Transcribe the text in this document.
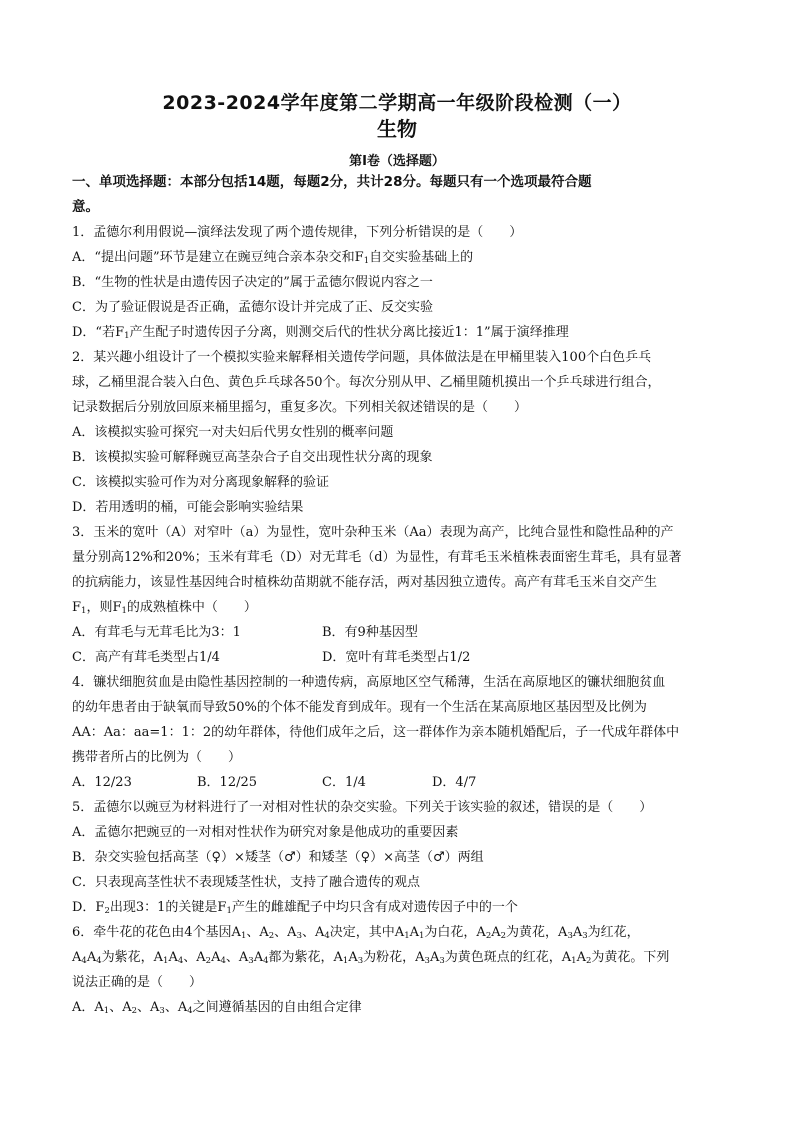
2023-2024学年度第二学期高一年级阶段检测（一）
生物
第I卷（选择题）

一、单项选择题：本部分包括14题，每题2分，共计28分。每题只有一个选项最符合题

意。

1．孟德尔利用假说—演绎法发现了两个遗传规律，下列分析错误的是（　　）

A．“提出问题”环节是建立在豌豆纯合亲本杂交和$F_1$自交实验基础上的

B．“生物的性状是由遗传因子决定的”属于孟德尔假说内容之一

C．为了验证假说是否正确，孟德尔设计并完成了正、反交实验

D．“若$F_1$产生配子时遗传因子分离，则测交后代的性状分离比接近1：1”属于演绎推理

2．某兴趣小组设计了一个模拟实验来解释相关遗传学问题，具体做法是在甲桶里装入100个白色乒乓

球，乙桶里混合装入白色、黄色乒乓球各50个。每次分别从甲、乙桶里随机摸出一个乒乓球进行组合，

记录数据后分别放回原来桶里摇匀，重复多次。下列相关叙述错误的是（　　）

A．该模拟实验可探究一对夫妇后代男女性别的概率问题

B．该模拟实验可解释豌豆高茎杂合子自交出现性状分离的现象

C．该模拟实验可作为对分离现象解释的验证

D．若用透明的桶，可能会影响实验结果

3．玉米的宽叶（A）对窄叶（a）为显性，宽叶杂种玉米（Aa）表现为高产，比纯合显性和隐性品种的产

量分别高12%和20%；玉米有茸毛（D）对无茸毛（d）为显性，有茸毛玉米植株表面密生茸毛，具有显著

的抗病能力，该显性基因纯合时植株幼苗期就不能存活，两对基因独立遗传。高产有茸毛玉米自交产生

$F_1$，则$F_1$的成熟植株中（　　）

A．有茸毛与无茸毛比为3：1	B．有9种基因型
C．高产有茸毛类型占1/4	D．宽叶有茸毛类型占1/2

4．镰状细胞贫血是由隐性基因控制的一种遗传病，高原地区空气稀薄，生活在高原地区的镰状细胞贫血

的幼年患者由于缺氧而导致50%的个体不能发育到成年。现有一个生活在某高原地区基因型及比例为

AA：Aa：aa=1：1：2的幼年群体，待他们成年之后，这一群体作为亲本随机婚配后，子一代成年群体中

携带者所占的比例为（　　）

A．12/23	B．12/25	C．1/4	D．4/7

5．孟德尔以豌豆为材料进行了一对相对性状的杂交实验。下列关于该实验的叙述，错误的是（　　）

A．孟德尔把豌豆的一对相对性状作为研究对象是他成功的重要因素

B．杂交实验包括高茎（♀）×矮茎（♂）和矮茎（♀）×高茎（♂）两组

C．只表现高茎性状不表现矮茎性状，支持了融合遗传的观点

D．$F_2$出现3：1的关键是$F_1$产生的雌雄配子中均只含有成对遗传因子中的一个

6．牵牛花的花色由4个基因$A_1$、$A_2$、$A_3$、$A_4$决定，其中$A_1A_1$为白花，$A_2A_2$为黄花，$A_3A_3$为红花，

$A_4A_4$为紫花，$A_1A_4$、$A_2A_4$、$A_3A_4$都为紫花，$A_1A_3$为粉花，$A_3A_3$为黄色斑点的红花，$A_1A_2$为黄花。下列

说法正确的是（　　）

A．$A_1$、$A_2$、$A_3$、$A_4$之间遵循基因的自由组合定律
